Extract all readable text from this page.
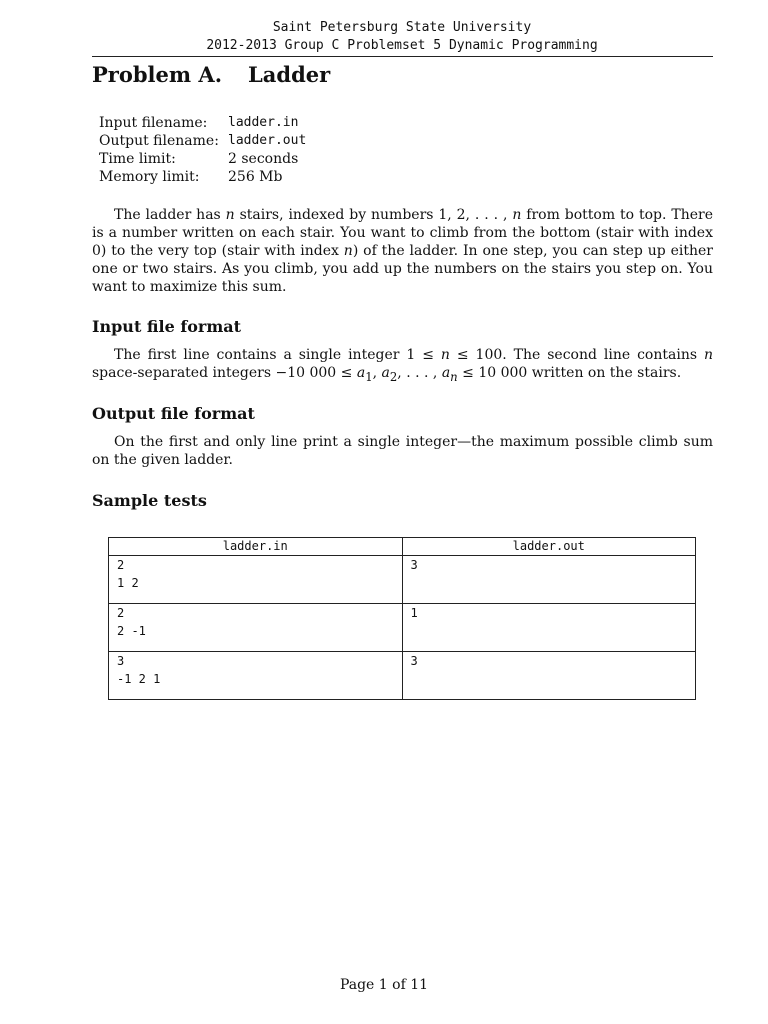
Saint Petersburg State University
2012-2013 Group C Problemset 5 Dynamic Programming
Problem A. Ladder
Input filename:	ladder.in
Output filename: ladder.out
Time limit:	2 seconds
Memory limit:	256 Mb
The ladder has n stairs, indexed by numbers 1, 2, . . . , n from bottom to top. There is a number written on each stair. You want to climb from the bottom (stair with index 0) to the very top (stair with index n) of the ladder. In one step, you can step up either one or two stairs. As you climb, you add up the numbers on the stairs you step on. You want to maximize this sum.
Input file format
The first line contains a single integer 1 ≤ n ≤ 100. The second line contains n space-separated integers −10 $000 \le a_1$, $a_2$, . . . , $a_n \le 10$ 000 written on the stairs.
Output file format
On the first and only line print a single integer—the maximum possible climb sum on the given ladder.
Sample tests
ladder.in	ladder.out
2
1 2	3
2
2 -1	1
3
-1 2 1	3
Page 1 of 11
